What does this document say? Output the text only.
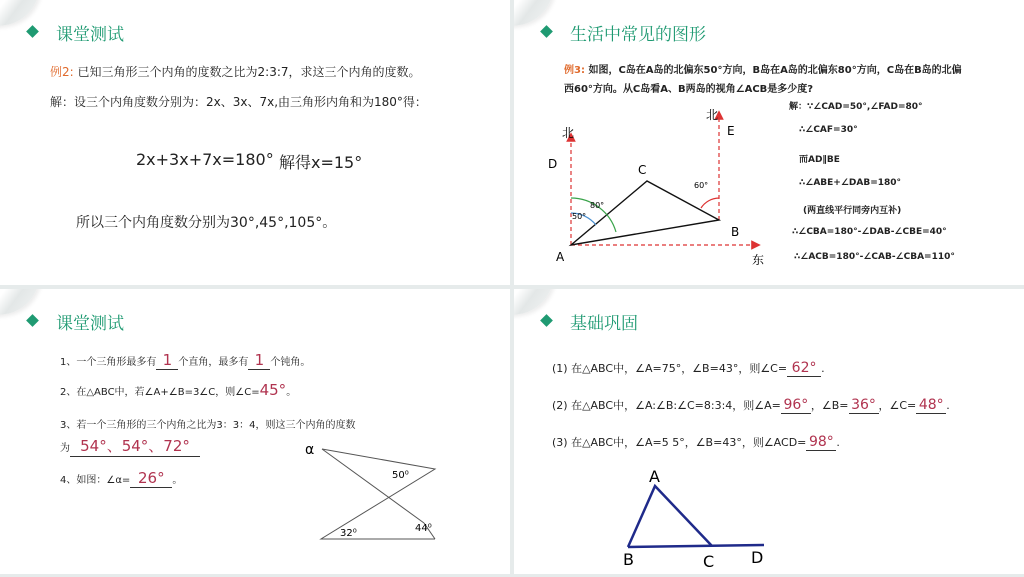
课堂测试
例2: 已知三角形三个内角的度数之比为2:3:7，求这三个内角的度数。
解：设三个内角度数分别为：2x、3x、7x,由三角形内角和为180°得：
2x+3x+7x=180° 解得x=15°
所以三个内角度数分别为30°,45°,105°。
生活中常见的图形
例3: 如图，C岛在A岛的北偏东50°方向，B岛在A岛的北偏东80°方向，C岛在B岛的北偏
西60°方向。从C岛看A、B两岛的视角∠ACB是多少度?
北
D
北
E
C
B
A	东
50°
80°
60°
解：∵∠CAD=50°,∠FAD=80°
∴∠CAF=30°
而AD∥BE
∴∠ABE+∠DAB=180°
(两直线平行同旁内互补)
∴∠CBA=180°-∠DAB-∠CBE=40°
∴∠ACB=180°-∠CAB-∠CBA=110°
课堂测试
1、一个三角形最多有 1 个直角，最多有 1 个钝角。
2、在△ABC中，若∠A+∠B=3∠C，则∠C=45°。
3、若一个三角形的三个内角之比为3：3：4，则这三个内角的度数
为 54°、54°、72°
4、如图：∠α= 26° 。
α
50⁰
32⁰	44⁰
基础巩固
(1) 在△ABC中，∠A=75°，∠B=43°，则∠C= 62° .
(2) 在△ABC中，∠A:∠B:∠C=8:3:4，则∠A= 96° ，∠B= 36° ，∠C= 48° .
(3) 在△ABC中，∠A=5 5°，∠B=43°，则∠ACD= 98° .
A
B	C D
